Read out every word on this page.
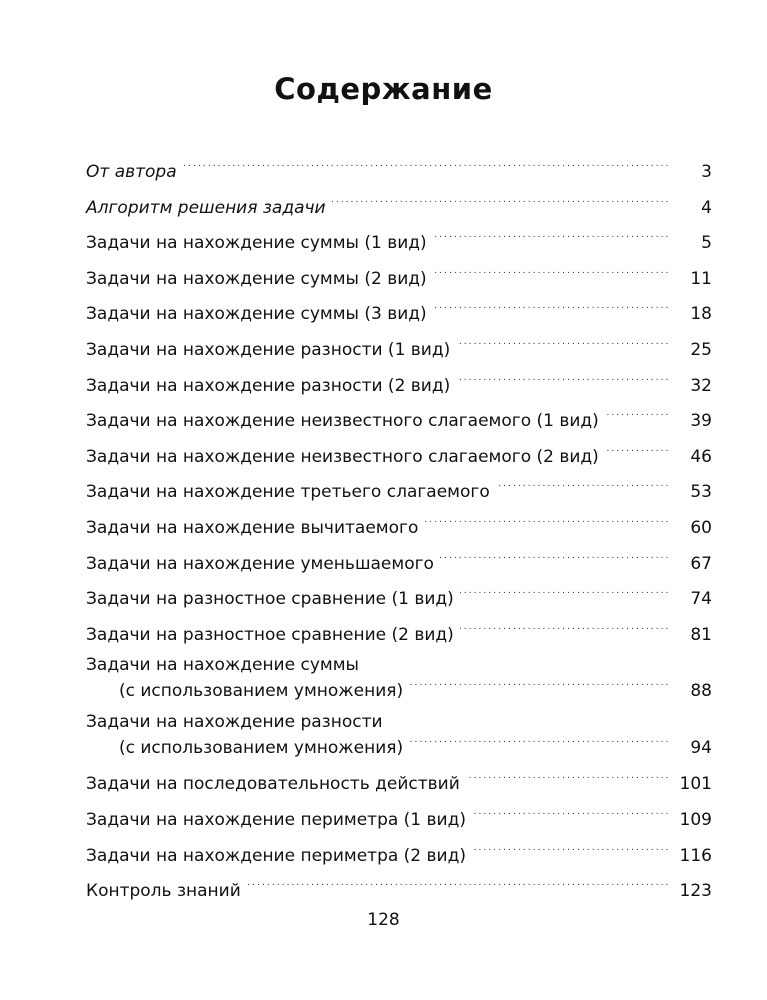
Содержание
От автора . . .	3
Алгоритм решения задачи . . .	4
Задачи на нахождение суммы (1 вид) . . .	5
Задачи на нахождение суммы (2 вид) . . .	11
Задачи на нахождение суммы (3 вид) . . .	18
Задачи на нахождение разности (1 вид) . . .	25
Задачи на нахождение разности (2 вид) . . .	32
Задачи на нахождение неизвестного слагаемого (1 вид) . . .	39
Задачи на нахождение неизвестного слагаемого (2 вид) . . .	46
Задачи на нахождение третьего слагаемого . . .	53
Задачи на нахождение вычитаемого . . .	60
Задачи на нахождение уменьшаемого . . .	67
Задачи на разностное сравнение (1 вид) . . .	74
Задачи на разностное сравнение (2 вид) . . .	81
Задачи на нахождение суммы
(с использованием умножения) . . .	88
Задачи на нахождение разности
(с использованием умножения) . . .	94
Задачи на последовательность действий . . .	101
Задачи на нахождение периметра (1 вид) . . .	109
Задачи на нахождение периметра (2 вид) . . .	116
Контроль знаний . . .	123
128
